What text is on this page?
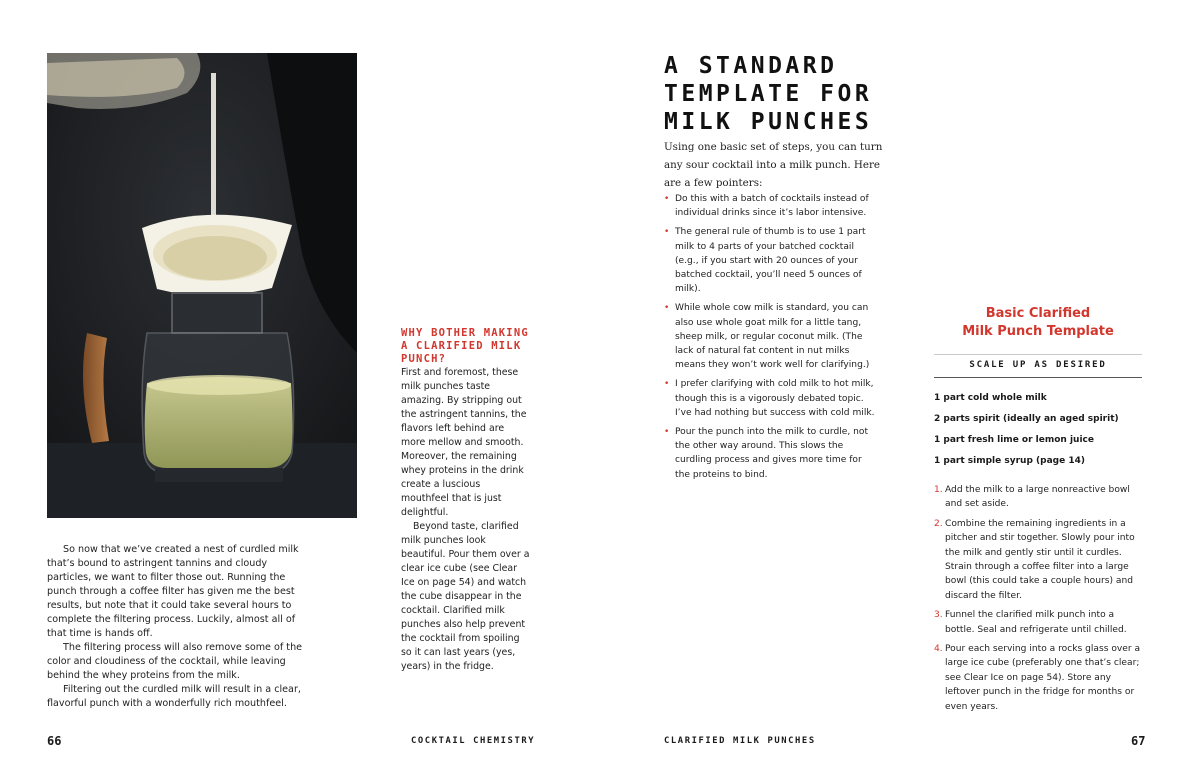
So now that we’ve created a nest of curdled milk that’s bound to astringent tannins and cloudy particles, we want to filter those out. Running the punch through a coffee filter has given me the best results, but note that it could take several hours to complete the filtering process. Luckily, almost all of that time is hands off.

The filtering process will also remove some of the color and cloudiness of the cocktail, while leaving behind the whey proteins from the milk.

Filtering out the curdled milk will result in a clear, flavorful punch with a wonderfully rich mouthfeel.

WHY BOTHER MAKING A CLARIFIED MILK PUNCH?

First and foremost, these milk punches taste amazing. By stripping out the astringent tannins, the flavors left behind are more mellow and smooth. Moreover, the remaining whey proteins in the drink create a luscious mouthfeel that is just delightful.

Beyond taste, clarified milk punches look beautiful. Pour them over a clear ice cube (see Clear Ice on page 54) and watch the cube disappear in the cocktail. Clarified milk punches also help prevent the cocktail from spoiling so it can last years (yes, years) in the fridge.

66	COCKTAIL CHEMISTRY	CLARIFIED MILK PUNCHES	67
A STANDARD
TEMPLATE FOR
MILK PUNCHES

Using one basic set of steps, you can turn any sour cocktail into a milk punch. Here are a few pointers:

• Do this with a batch of cocktails instead of individual drinks since it’s labor intensive.
• The general rule of thumb is to use 1 part milk to 4 parts of your batched cocktail (e.g., if you start with 20 ounces of your batched cocktail, you’ll need 5 ounces of milk).
• While whole cow milk is standard, you can also use whole goat milk for a little tang, sheep milk, or regular coconut milk. (The lack of natural fat content in nut milks means they won’t work well for clarifying.)
• I prefer clarifying with cold milk to hot milk, though this is a vigorously debated topic. I’ve had nothing but success with cold milk.
• Pour the punch into the milk to curdle, not the other way around. This slows the curdling process and gives more time for the proteins to bind.
Basic Clarified
Milk Punch Template
SCALE UP AS DESIRED
1 part cold whole milk
2 parts spirit (ideally an aged spirit)
1 part fresh lime or lemon juice
1 part simple syrup (page 14)
1. Add the milk to a large nonreactive bowl and set aside.
2. Combine the remaining ingredients in a pitcher and stir together. Slowly pour into the milk and gently stir until it curdles. Strain through a coffee filter into a large bowl (this could take a couple hours) and discard the filter.
3. Funnel the clarified milk punch into a bottle. Seal and refrigerate until chilled.
4. Pour each serving into a rocks glass over a large ice cube (preferably one that’s clear; see Clear Ice on page 54). Store any leftover punch in the fridge for months or even years.
